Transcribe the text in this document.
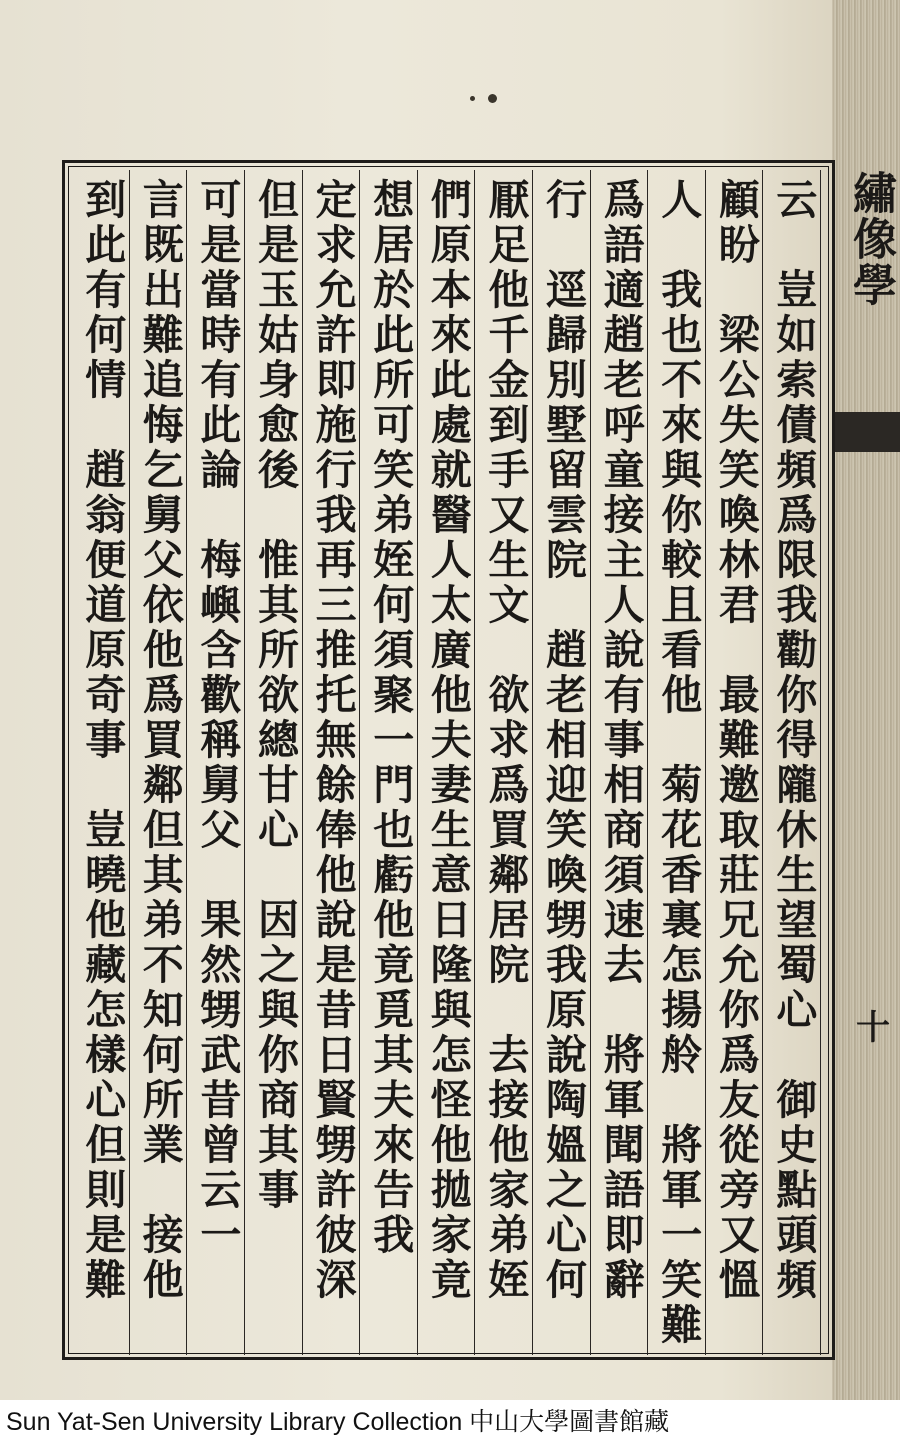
云　豈如索債頻爲限我勸你得隴休生望蜀心　御史點頭頻
顧盼　梁公失笑喚林君　最難邀取莊兄允你爲友從旁又慍
人　我也不來與你較且看他　菊花香裏怎揚舲　將軍一笑難
爲語適趙老呼童接主人說有事相商須速去　將軍聞語即辭
行　逕歸別墅留雲院　趙老相迎笑喚甥我原說陶媼之心何
厭足他千金到手又生文　欲求爲買鄰居院　去接他家弟姪
們原本來此處就醫人太廣他夫妻生意日隆與怎怪他拋家竟
想居於此所可笑弟姪何須聚一門也虧他竟覓其夫來告我
定求允許即施行我再三推托無餘俸他說是昔日賢甥許彼深
但是玉姑身愈後　惟其所欲總甘心　因之與你商其事
可是當時有此論　梅嶼含歡稱舅父　果然甥武昔曾云一
言既出難追悔乞舅父依他爲買鄰但其弟不知何所業　接他
到此有何情　趙翁便道原奇事　豈曉他藏怎樣心但則是難	繡像學
十
Sun Yat-Sen University Library Collection 中山大學圖書館藏
